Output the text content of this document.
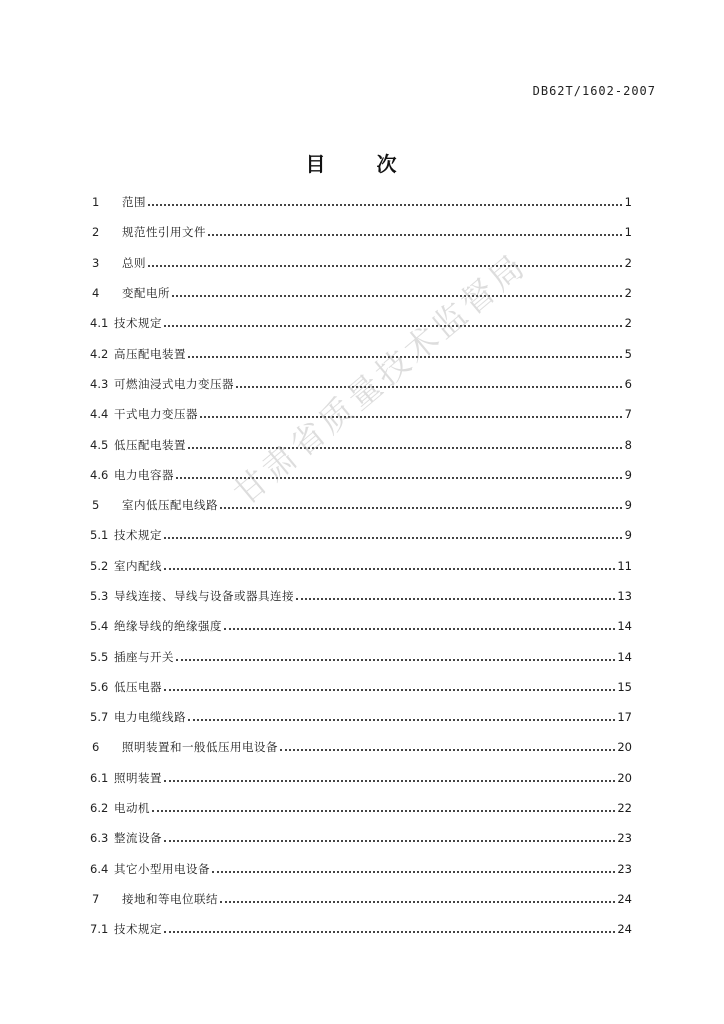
DB62T/1602-2007
目 次
1	范围	1
2	规范性引用文件	1
3	总则	2
4	变配电所	2
4.1 技术规定	2
4.2 高压配电装置	5
4.3 可燃油浸式电力变压器	6
4.4 干式电力变压器	7
4.5 低压配电装置	8
4.6 电力电容器	9
5	室内低压配电线路	9
5.1 技术规定	9
5.2 室内配线	11
5.3 导线连接、导线与设备或器具连接	13
5.4 绝缘导线的绝缘强度	14
5.5 插座与开关	14
5.6 低压电器	15
5.7 电力电缆线路	17
6	照明装置和一般低压用电设备	20
6.1 照明装置	20
6.2 电动机	22
6.3 整流设备	23
6.4 其它小型用电设备	23
7	接地和等电位联结	24
7.1 技术规定	24
甘肃省质量技术监督局
